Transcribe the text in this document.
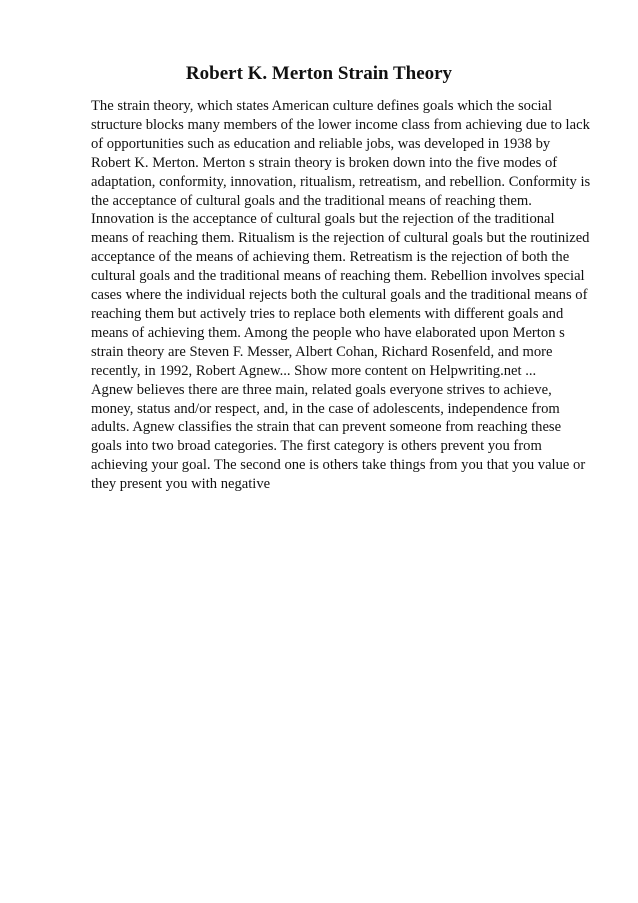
Robert K. Merton Strain Theory
The strain theory, which states American culture defines goals which the social
structure blocks many members of the lower income class from achieving due to lack
of opportunities such as education and reliable jobs, was developed in 1938 by
Robert K. Merton. Merton s strain theory is broken down into the five modes of
adaptation, conformity, innovation, ritualism, retreatism, and rebellion. Conformity is
the acceptance of cultural goals and the traditional means of reaching them.
Innovation is the acceptance of cultural goals but the rejection of the traditional
means of reaching them. Ritualism is the rejection of cultural goals but the routinized
acceptance of the means of achieving them. Retreatism is the rejection of both the
cultural goals and the traditional means of reaching them. Rebellion involves special
cases where the individual rejects both the cultural goals and the traditional means of
reaching them but actively tries to replace both elements with different goals and
means of achieving them. Among the people who have elaborated upon Merton s
strain theory are Steven F. Messer, Albert Cohan, Richard Rosenfeld, and more
recently, in 1992, Robert Agnew... Show more content on Helpwriting.net ...
Agnew believes there are three main, related goals everyone strives to achieve,
money, status and/or respect, and, in the case of adolescents, independence from
adults. Agnew classifies the strain that can prevent someone from reaching these
goals into two broad categories. The first category is others prevent you from
achieving your goal. The second one is others take things from you that you value or
they present you with negative
